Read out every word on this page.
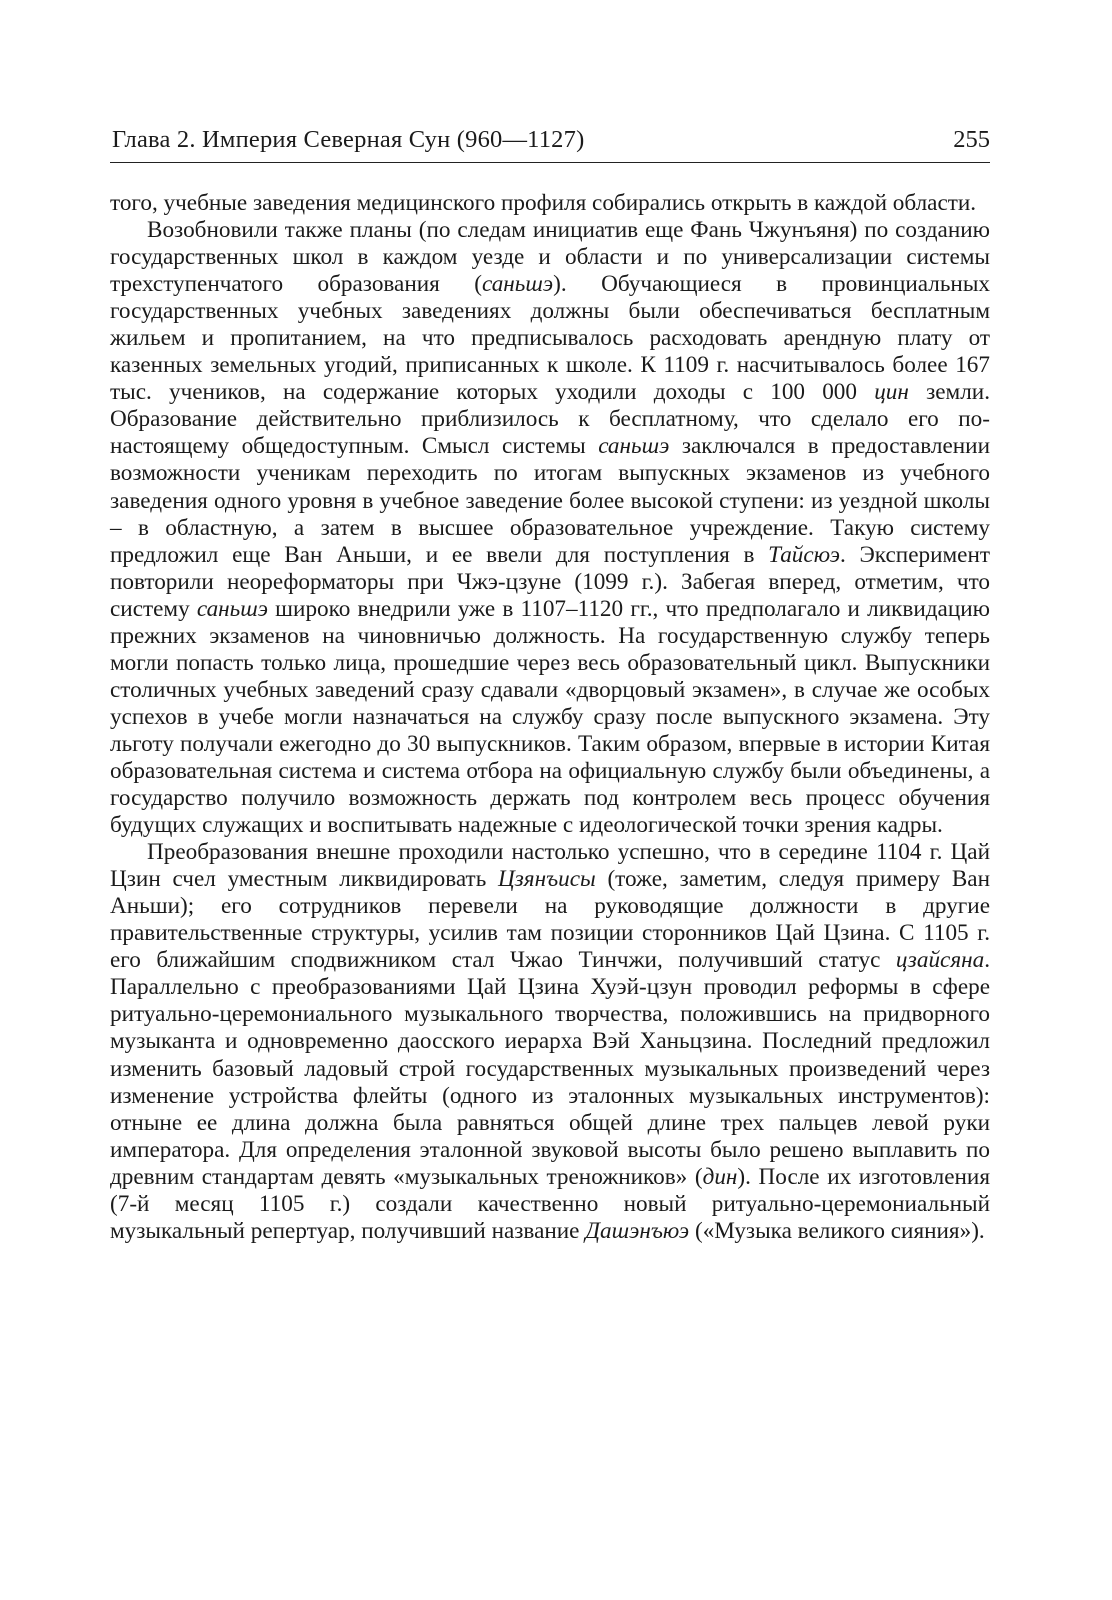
Глава 2. Империя Северная Сун (960—1127)	255

того, учебные заведения медицинского профиля собирались открыть в каждой области.

Возобновили также планы (по следам инициатив еще Фань Чжунъяня) по созданию государственных школ в каждом уезде и области и по универсализации системы трехступенчатого образования (саньшэ). Обучающиеся в провинциальных государственных учебных заведениях должны были обеспечиваться бесплатным жильем и пропитанием, на что предписывалось расходовать арендную плату от казенных земельных угодий, приписанных к школе. К 1109 г. насчитывалось более 167 тыс. учеников, на содержание которых уходили доходы с 100 000 цин земли. Образование действительно приблизилось к бесплатному, что сделало его по-настоящему общедоступным. Смысл системы саньшэ заключался в предоставлении возможности ученикам переходить по итогам выпускных экзаменов из учебного заведения одного уровня в учебное заведение более высокой ступени: из уездной школы – в областную, а затем в высшее образовательное учреждение. Такую систему предложил еще Ван Аньши, и ее ввели для поступления в Тайсюэ. Эксперимент повторили неореформаторы при Чжэ-цзуне (1099 г.). Забегая вперед, отметим, что систему саньшэ широко внедрили уже в 1107–1120 гг., что предполагало и ликвидацию прежних экзаменов на чиновничью должность. На государственную службу теперь могли попасть только лица, прошедшие через весь образовательный цикл. Выпускники столичных учебных заведений сразу сдавали «дворцовый экзамен», в случае же особых успехов в учебе могли назначаться на службу сразу после выпускного экзамена. Эту льготу получали ежегодно до 30 выпускников. Таким образом, впервые в истории Китая образовательная система и система отбора на официальную службу были объединены, а государство получило возможность держать под контролем весь процесс обучения будущих служащих и воспитывать надежные с идеологической точки зрения кадры.

Преобразования внешне проходили настолько успешно, что в середине 1104 г. Цай Цзин счел уместным ликвидировать Цзянъисы (тоже, заметим, следуя примеру Ван Аньши); его сотрудников перевели на руководящие должности в другие правительственные структуры, усилив там позиции сторонников Цай Цзина. С 1105 г. его ближайшим сподвижником стал Чжао Тинчжи, получивший статус цзайсяна. Параллельно с преобразованиями Цай Цзина Хуэй-цзун проводил реформы в сфере ритуально-церемониального музыкального творчества, положившись на придворного музыканта и одновременно даосского иерарха Вэй Ханьцзина. Последний предложил изменить базовый ладовый строй государственных музыкальных произведений через изменение устройства флейты (одного из эталонных музыкальных инструментов): отныне ее длина должна была равняться общей длине трех пальцев левой руки императора. Для определения эталонной звуковой высоты было решено выплавить по древним стандартам девять «музыкальных треножников» (дин). После их изготовления (7-й месяц 1105 г.) создали качественно новый ритуально-церемониальный музыкальный репертуар, получивший название Дашэнъюэ («Музыка великого сияния»).
